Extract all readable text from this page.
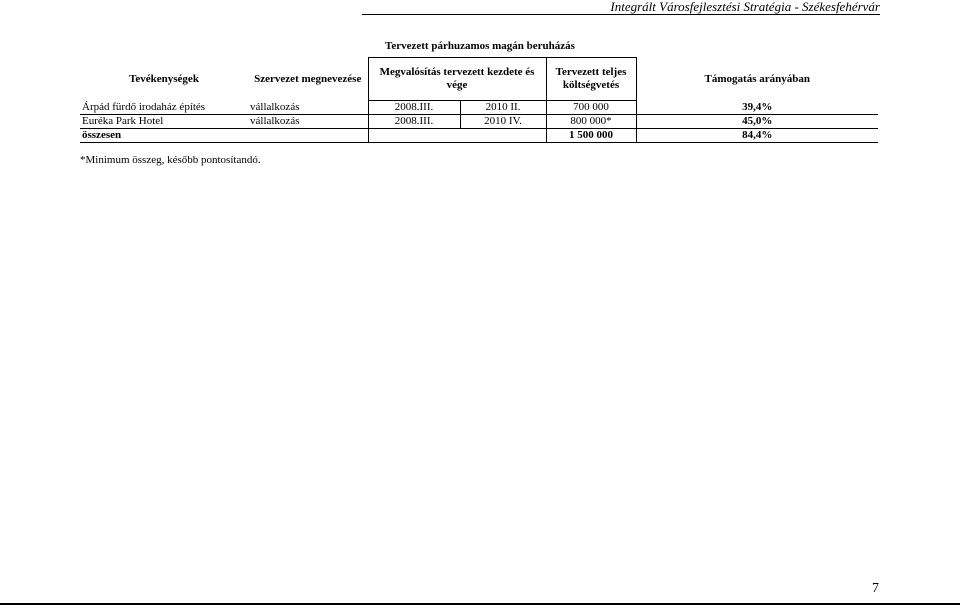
Integrált Városfejlesztési Stratégia - Székesfehérvár
Tervezett párhuzamos magán beruházás
Tevékenységek	Szervezet megnevezése	Megvalósítás tervezett kezdete és vége		Tervezett teljes költségvetés	Támogatás arányában
Árpád fürdő irodaház építés	vállalkozás	2008.III.	2010 II.	700 000	39,4%
Euréka Park Hotel	vállalkozás	2008.III.	2010 IV.	800 000*	45,0%
összesen				1 500 000	84,4%
*Minimum összeg, később pontosítandó.
7
